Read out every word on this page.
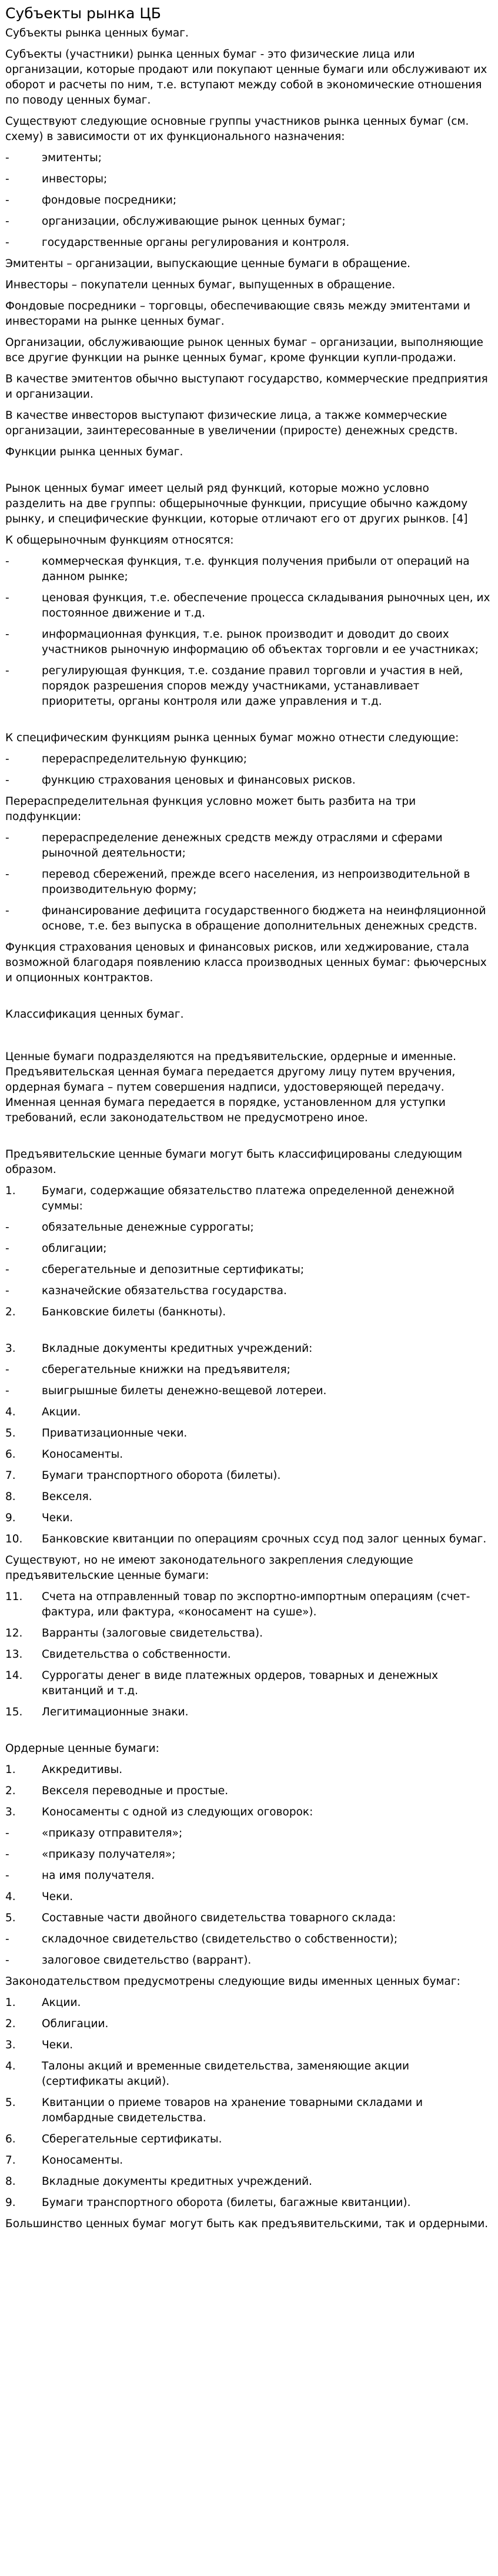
Субъекты рынка ЦБ

Субъекты рынка ценных бумаг.

Субъекты (участники) рынка ценных бумаг - это физические лица или организации, которые продают или покупают ценные бумаги или обслуживают их оборот и расчеты по ним, т.е. вступают между собой в экономические отношения по поводу ценных бумаг.

Существуют следующие основные группы участников рынка ценных бумаг (см. схему) в зависимости от их функционального назначения:

-	эмитенты;

-	инвесторы;

-	фондовые посредники;

-	организации, обслуживающие рынок ценных бумаг;

-	государственные органы регулирования и контроля.

Эмитенты – организации, выпускающие ценные бумаги в обращение.

Инвесторы – покупатели ценных бумаг, выпущенных в обращение.

Фондовые посредники – торговцы, обеспечивающие связь между эмитентами и инвесторами на рынке ценных бумаг.

Организации, обслуживающие рынок ценных бумаг – организации, выполняющие все другие функции на рынке ценных бумаг, кроме функции купли-продажи.

В качестве эмитентов обычно выступают государство, коммерческие предприятия и организации.

В качестве инвесторов выступают физические лица, а также коммерческие организации, заинтересованные в увеличении (приросте) денежных средств.

Функции рынка ценных бумаг.

Рынок ценных бумаг имеет целый ряд функций, которые можно условно разделить на две группы: общерыночные функции, присущие обычно каждому рынку, и специфические функции, которые отличают его от других рынков. [4]

К общерыночным функциям относятся:

-	коммерческая функция, т.е. функция получения прибыли от операций на данном рынке;

-	ценовая функция, т.е. обеспечение процесса складывания рыночных цен, их постоянное движение и т.д.

-	информационная функция, т.е. рынок производит и доводит до своих участников рыночную информацию об объектах торговли и ее участниках;

-	регулирующая функция, т.е. создание правил торговли и участия в ней, порядок разрешения споров между участниками, устанавливает приоритеты, органы контроля или даже управления и т.д.

К специфическим функциям рынка ценных бумаг можно отнести следующие:

-	перераспределительную функцию;

-	функцию страхования ценовых и финансовых рисков.

Перераспределительная функция условно может быть разбита на три подфункции:

-	перераспределение денежных средств между отраслями и сферами рыночной деятельности;

-	перевод сбережений, прежде всего населения, из непроизводительной в производительную форму;

-	финансирование дефицита государственного бюджета на неинфляционной основе, т.е. без выпуска в обращение дополнительных денежных средств.

Функция страхования ценовых и финансовых рисков, или хеджирование, стала возможной благодаря появлению класса производных ценных бумаг: фьючерсных и опционных контрактов.

Классификация ценных бумаг.

Ценные бумаги подразделяются на предъявительские, ордерные и именные. Предъявительская ценная бумага передается другому лицу путем вручения, ордерная бумага – путем совершения надписи, удостоверяющей передачу. Именная ценная бумага передается в порядке, установленном для уступки требований, если законодательством не предусмотрено иное.

Предъявительские ценные бумаги могут быть классифицированы следующим образом.

1.	Бумаги, содержащие обязательство платежа определенной денежной суммы:

-	обязательные денежные суррогаты;

-	облигации;

-	сберегательные и депозитные сертификаты;

-	казначейские обязательства государства.

2.	Банковские билеты (банкноты).

3.	Вкладные документы кредитных учреждений:

-	сберегательные книжки на предъявителя;

-	выигрышные билеты денежно-вещевой лотереи.

4.	Акции.

5.	Приватизационные чеки.

6.	Коносаменты.

7.	Бумаги транспортного оборота (билеты).

8.	Векселя.

9.	Чеки.

10.	Банковские квитанции по операциям срочных ссуд под залог ценных бумаг.

Существуют, но не имеют законодательного закрепления следующие предъявительские ценные бумаги:

11.	Счета на отправленный товар по экспортно-импортным операциям (счет-фактура, или фактура, «коносамент на суше»).

12.	Варранты (залоговые свидетельства).

13.	Свидетельства о собственности.

14.	Суррогаты денег в виде платежных ордеров, товарных и денежных квитанций и т.д.

15.	Легитимационные знаки.

Ордерные ценные бумаги:

1.	Аккредитивы.

2.	Векселя переводные и простые.

3.	Коносаменты с одной из следующих оговорок:

-	«приказу отправителя»;

-	«приказу получателя»;

-	на имя получателя.

4.	Чеки.

5.	Составные части двойного свидетельства товарного склада:

-	складочное свидетельство (свидетельство о собственности);

-	залоговое свидетельство (варрант).

Законодательством предусмотрены следующие виды именных ценных бумаг:

1.	Акции.

2.	Облигации.

3.	Чеки.

4.	Талоны акций и временные свидетельства, заменяющие акции (сертификаты акций).

5.	Квитанции о приеме товаров на хранение товарными складами и ломбардные свидетельства.

6.	Сберегательные сертификаты.

7.	Коносаменты.

8.	Вкладные документы кредитных учреждений.

9.	Бумаги транспортного оборота (билеты, багажные квитанции).

Большинство ценных бумаг могут быть как предъявительскими, так и ордерными.
